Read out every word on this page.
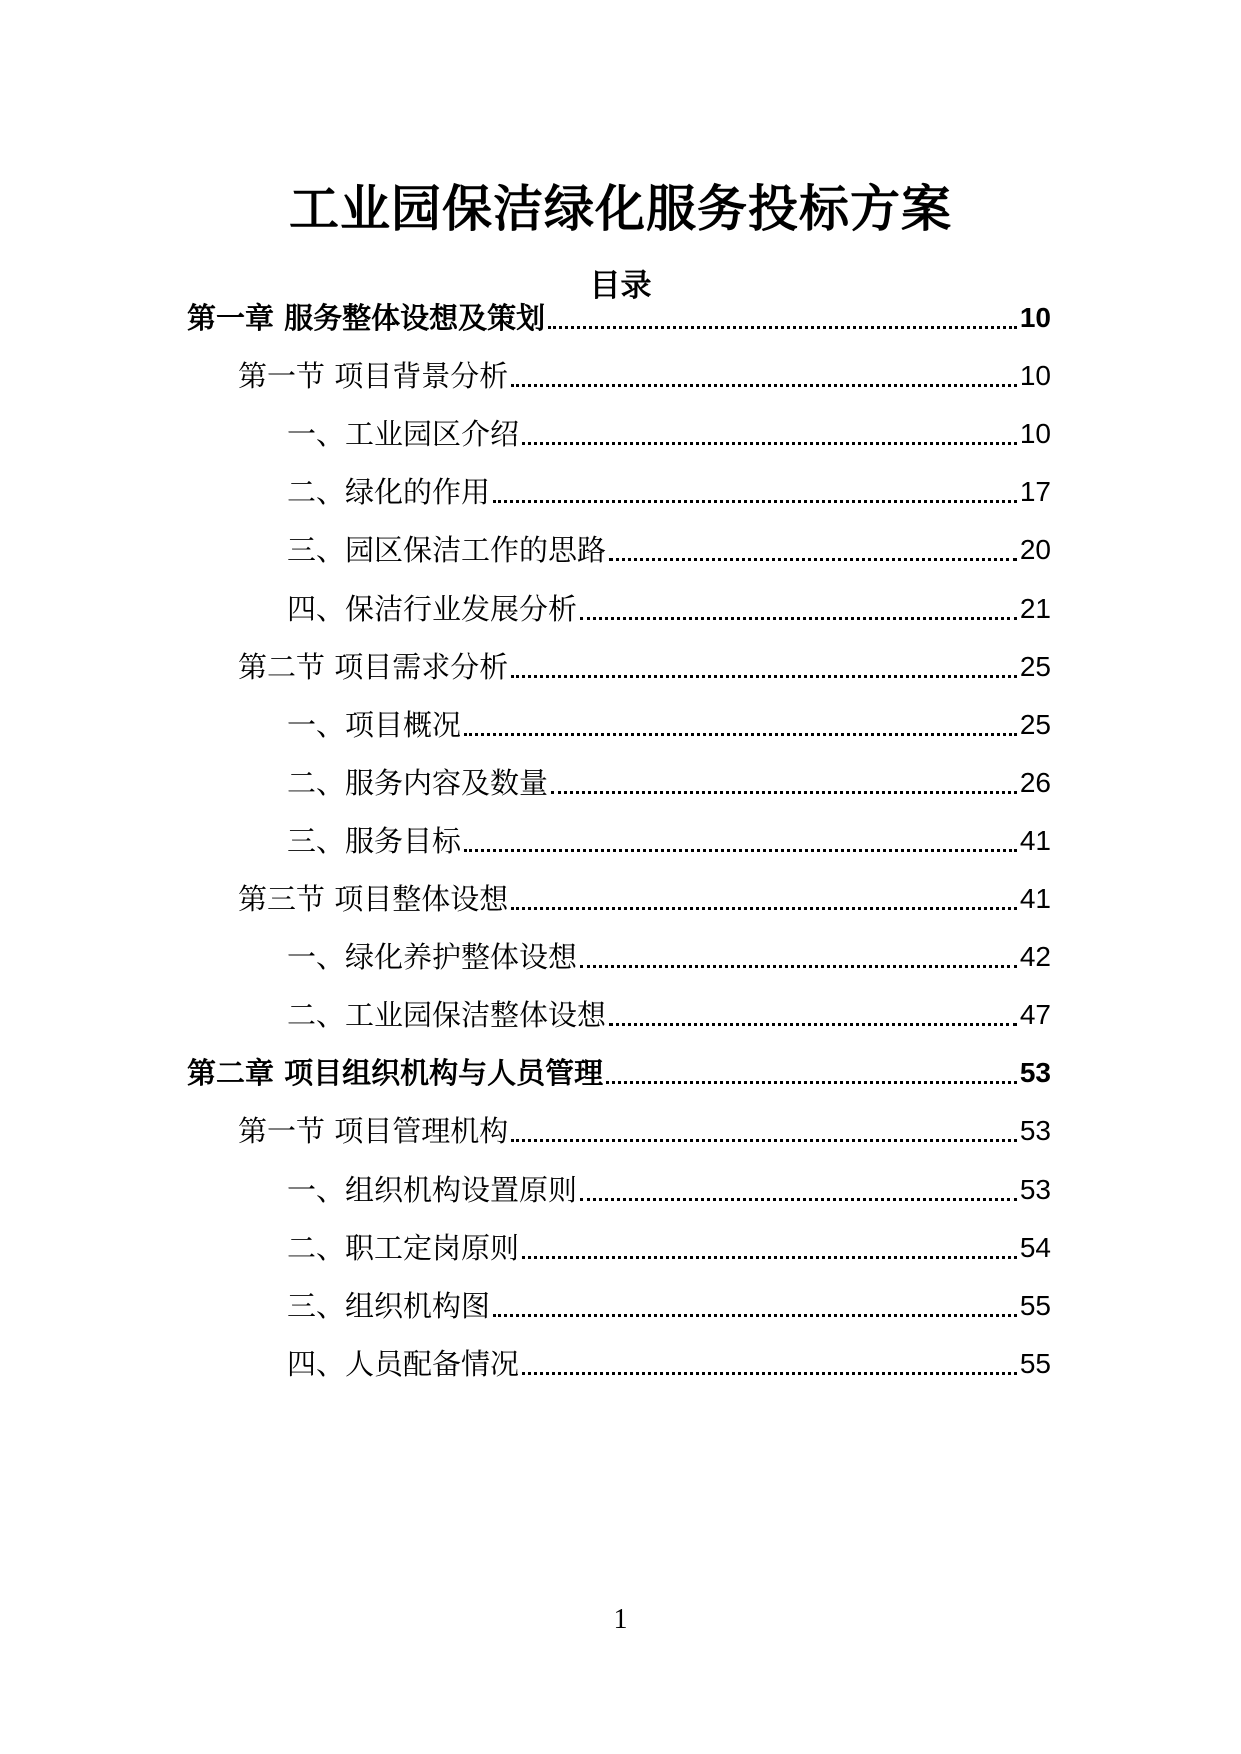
工业园保洁绿化服务投标方案
目录
第一章 服务整体设想及策划	10
第一节 项目背景分析	10
一、工业园区介绍	10
二、绿化的作用	17
三、园区保洁工作的思路	20
四、保洁行业发展分析	21
第二节 项目需求分析	25
一、项目概况	25
二、服务内容及数量	26
三、服务目标	41
第三节 项目整体设想	41
一、绿化养护整体设想	42
二、工业园保洁整体设想	47
第二章 项目组织机构与人员管理	53
第一节 项目管理机构	53
一、组织机构设置原则	53
二、职工定岗原则	54
三、组织机构图	55
四、人员配备情况	55
1
